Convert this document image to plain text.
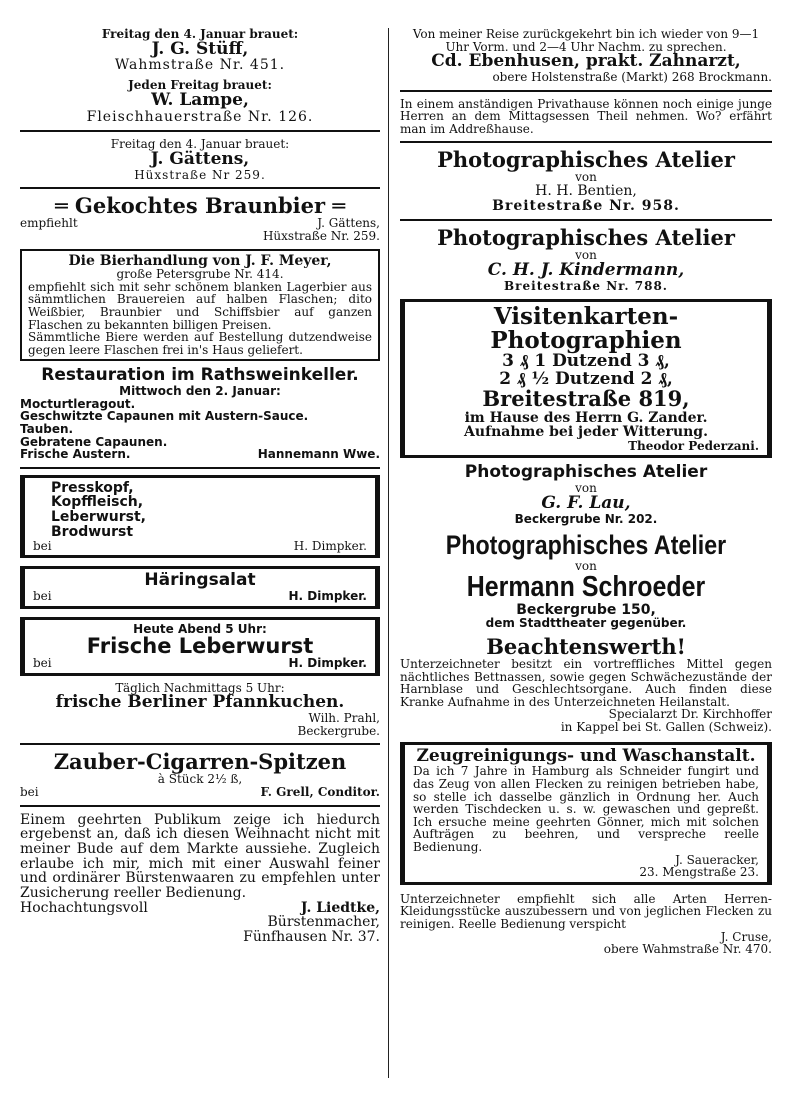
Freitag den 4. Januar brauet:
J. G. Stüff,
Wahmstraße Nr. 451.
Jeden Freitag brauet:
W. Lampe,
Fleischhauerstraße Nr. 126.
Freitag den 4. Januar brauet:
J. Gättens,
Hüxstraße Nr 259.
═ Gekochtes Braunbier ═
empfiehlt	J. Gättens,
Hüxstraße Nr. 259.
Die Bierhandlung von J. F. Meyer,
große Petersgrube Nr. 414.
empfiehlt sich mit sehr schönem blanken Lagerbier aus sämmtlichen Brauereien auf halben Flaschen; dito Weißbier, Braunbier und Schiffsbier auf ganzen Flaschen zu bekannten billigen Preisen.
Sämmtliche Biere werden auf Bestellung dutzendweise gegen leere Flaschen frei in's Haus geliefert.
Restauration im Rathsweinkeller.
Mittwoch den 2. Januar:
Mocturtleragout.
Geschwitzte Capaunen mit Austern-Sauce.
Tauben.
Gebratene Capaunen.
Frische Austern.	Hannemann Wwe.
Presskopf,
Kopffleisch,
Leberwurst,
Brodwurst
bei	H. Dimpker.
Häringsalat
bei	H. Dimpker.
Heute Abend 5 Uhr:
Frische Leberwurst
bei	H. Dimpker.
Täglich Nachmittags 5 Uhr:
frische Berliner Pfannkuchen.
Wilh. Prahl,
Beckergrube.
Zauber-Cigarren-Spitzen
à Stück 2½ ß,
bei	F. Grell, Conditor.
Einem geehrten Publikum zeige ich hiedurch ergebenst an, daß ich diesen Weihnacht nicht mit meiner Bude auf dem Markte aussiehe. Zugleich erlaube ich mir, mich mit einer Auswahl feiner und ordinärer Bürstenwaaren zu empfehlen unter Zusicherung reeller Bedienung.
Hochachtungsvoll	J. Liedtke,
Bürstenmacher,
Fünfhausen Nr. 37.
Von meiner Reise zurückgekehrt bin ich wieder von 9—1 Uhr Vorm. und 2—4 Uhr Nachm. zu sprechen.
Cd. Ebenhusen, prakt. Zahnarzt,
obere Holstenstraße (Markt) 268 Brockmann.
In einem anständigen Privathause können noch einige junge Herren an dem Mittagsessen Theil nehmen. Wo? erfährt man im Addreßhause.
Photographisches Atelier
von
H. H. Bentien,
Breitestraße Nr. 958.
Photographisches Atelier
von
C. H. J. Kindermann,
Breitestraße Nr. 788.
Visitenkarten-Photographien
3 ₰ 1 Dutzend 3 ₰,
2 ₰ ½ Dutzend 2 ₰,
Breitestraße 819,
im Hause des Herrn G. Zander.
Aufnahme bei jeder Witterung.
Theodor Pederzani.
Photographisches Atelier
von
G. F. Lau,
Beckergrube Nr. 202.
Photographisches Atelier
von
Hermann Schroeder
Beckergrube 150,
dem Stadttheater gegenüber.
Beachtenswerth!
Unterzeichneter besitzt ein vortreffliches Mittel gegen nächtliches Bettnassen, sowie gegen Schwächezustände der Harnblase und Geschlechtsorgane. Auch finden diese Kranke Aufnahme in des Unterzeichneten Heilanstalt.
Specialarzt Dr. Kirchhoffer
in Kappel bei St. Gallen (Schweiz).
Zeugreinigungs- und Waschanstalt.
Da ich 7 Jahre in Hamburg als Schneider fungirt und das Zeug von allen Flecken zu reinigen betrieben habe, so stelle ich dasselbe gänzlich in Ordnung her. Auch werden Tischdecken u. s. w. gewaschen und gepreßt. Ich ersuche meine geehrten Gönner, mich mit solchen Aufträgen zu beehren, und verspreche reelle Bedienung.
J. Saueracker,
23. Mengstraße 23.
Unterzeichneter empfiehlt sich alle Arten Herren-Kleidungsstücke auszubessern und von jeglichen Flecken zu reinigen. Reelle Bedienung verspicht
J. Cruse,
obere Wahmstraße Nr. 470.
